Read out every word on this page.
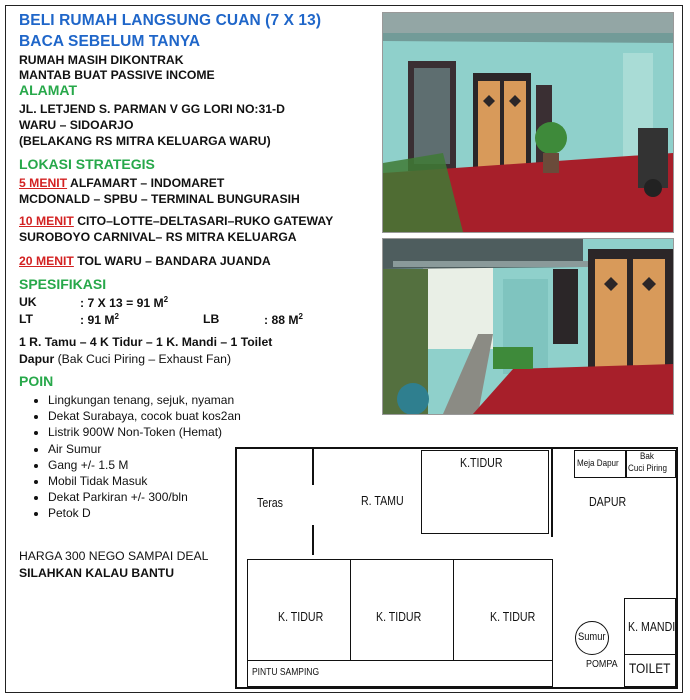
BELI RUMAH LANGSUNG CUAN (7 X 13)
BACA SEBELUM TANYA
RUMAH MASIH DIKONTRAK
MANTAB BUAT PASSIVE INCOME
ALAMAT
JL. LETJEND S. PARMAN V GG LORI NO:31-D
WARU – SIDOARJO
(BELAKANG RS MITRA KELUARGA WARU)
LOKASI STRATEGIS
5 MENIT ALFAMART – INDOMARET
MCDONALD – SPBU – TERMINAL BUNGURASIH
10 MENIT CITO–LOTTE–DELTASARI–RUKO GATEWAY
SUROBOYO CARNIVAL– RS MITRA KELUARGA
20 MENIT TOL WARU – BANDARA JUANDA
SPESIFIKASI
UK	: 7 X 13 = 91 $M^2$
LT	: 91 $M^2$	LB	: 88 $M^2$
1 R. Tamu – 4 K Tidur – 1 K. Mandi – 1 Toilet
Dapur (Bak Cuci Piring – Exhaust Fan)
POIN
• Lingkungan tenang, sejuk, nyaman
• Dekat Surabaya, cocok buat kos2an
• Listrik 900W Non-Token (Hemat)
• Air Sumur
• Gang +/- 1.5 M
• Mobil Tidak Masuk
• Dekat Parkiran +/- 300/bln
• Petok D
HARGA 300 NEGO SAMPAI DEAL
SILAHKAN KALAU BANTU
Teras	R. TAMU
K.TIDUR	Meja Dapur
Bak
Cuci Piring
DAPUR
K. TIDUR	K. TIDUR	K. TIDUR
Sumur
POMPA
K. MANDI
TOILET
PINTU SAMPING
